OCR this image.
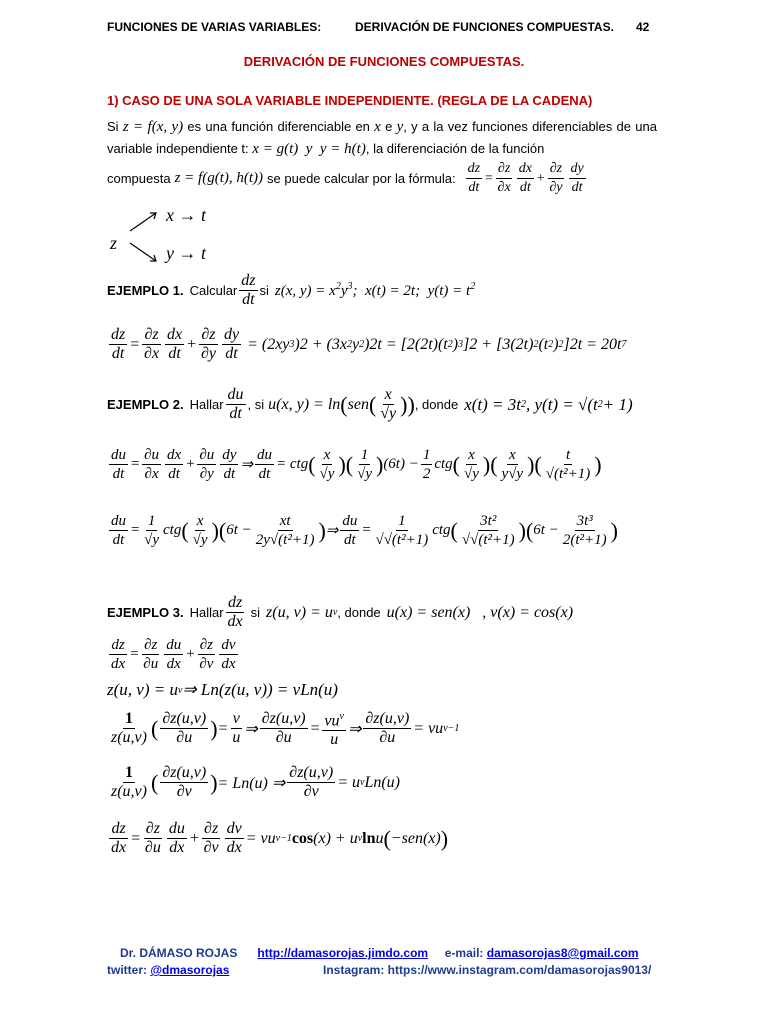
FUNCIONES DE VARIAS VARIABLES:	DERIVACIÓN DE FUNCIONES COMPUESTAS. 42
DERIVACIÓN DE FUNCIONES COMPUESTAS.
1) CASO DE UNA SOLA VARIABLE INDEPENDIENTE. (REGLA DE LA CADENA)
Si z = f(x, y) es una función diferenciable en x e y, y a la vez funciones diferenciables de una variable independiente t: x = g(t)  y  y = h(t), la diferenciación de la función
compuesta z = f(g(t), h(t)) se puede calcular por la fórmula:
dz
dt
=
∂z
∂x
dx
dt
+
∂z
∂y
dy
dt
z
x → t
y → t
EJEMPLO 1. Calcular
dz
dt
si z(x, $y) = x^2y^3$;  x(t) = 2t;  $y(t) = t^2$
dz
dt
=
∂z
∂x
dx
dt
+
∂z
∂y
dy
dt
= (2xy 3 )2 + (3x 2 y 2 )2t = [2(2t)(t 2 ) 3 ]2 + [3(2t) 2 (t 2 ) 2 ]2t = 20t 7
EJEMPLO 2. Hallar
du
dt
, si u(x, y) = ln ( sen ( x
√y )) , donde x(t) = 3t 2 , y(t) = √(t 2 + 1)
du
dt
=
∂u
∂x
dx
dt
+
∂u
∂y
dy
dt
⇒
du
dt
= ctg ( x
√y )( 1
√y ) (6t) −
1
2
ctg ( x
√y )( x
y√y )( t
√(t²+1) )
du
dt
=
1
√y
ctg ( x
√y )( 6t −
xt
2y√(t²+1) ) ⇒
du
dt
=
1
√√(t²+1)
ctg ( 3t²
√√(t²+1) )( 6t −
3t³
2(t²+1) )
EJEMPLO 3. Hallar
dz
dx
si z(u, v) = u v , donde u(x) = sen(x)   , v(x) = cos(x)
dz
dx
=
∂z
∂u
du
dx
+
∂z
∂v
dv
dx
z(u, v) = u v ⇒ Ln(z(u, v)) = vLn(u)
1
z(u,v) ( ∂z(u,v)
∂u ) =
v
u ⇒
∂z(u,v)
∂u
= $vu^v$
u
⇒
∂z(u,v)
∂u
= vu v−1
1
z(u,v) ( ∂z(u,v)
∂v ) = Ln(u) ⇒
∂z(u,v)
∂v
= u v Ln(u)
dz
dx
=
∂z
∂u
du
dx
+
∂z
∂v
dv
dx
= vu v−1 cos (x) + u v ln u ( −sen(x) )
Dr. DÁMASO ROJAS http://damasorojas.jimdo.com e-mail: damasorojas8@gmail.com
twitter: @dmasorojas	Instagram: https://www.instagram.com/damasorojas9013/
